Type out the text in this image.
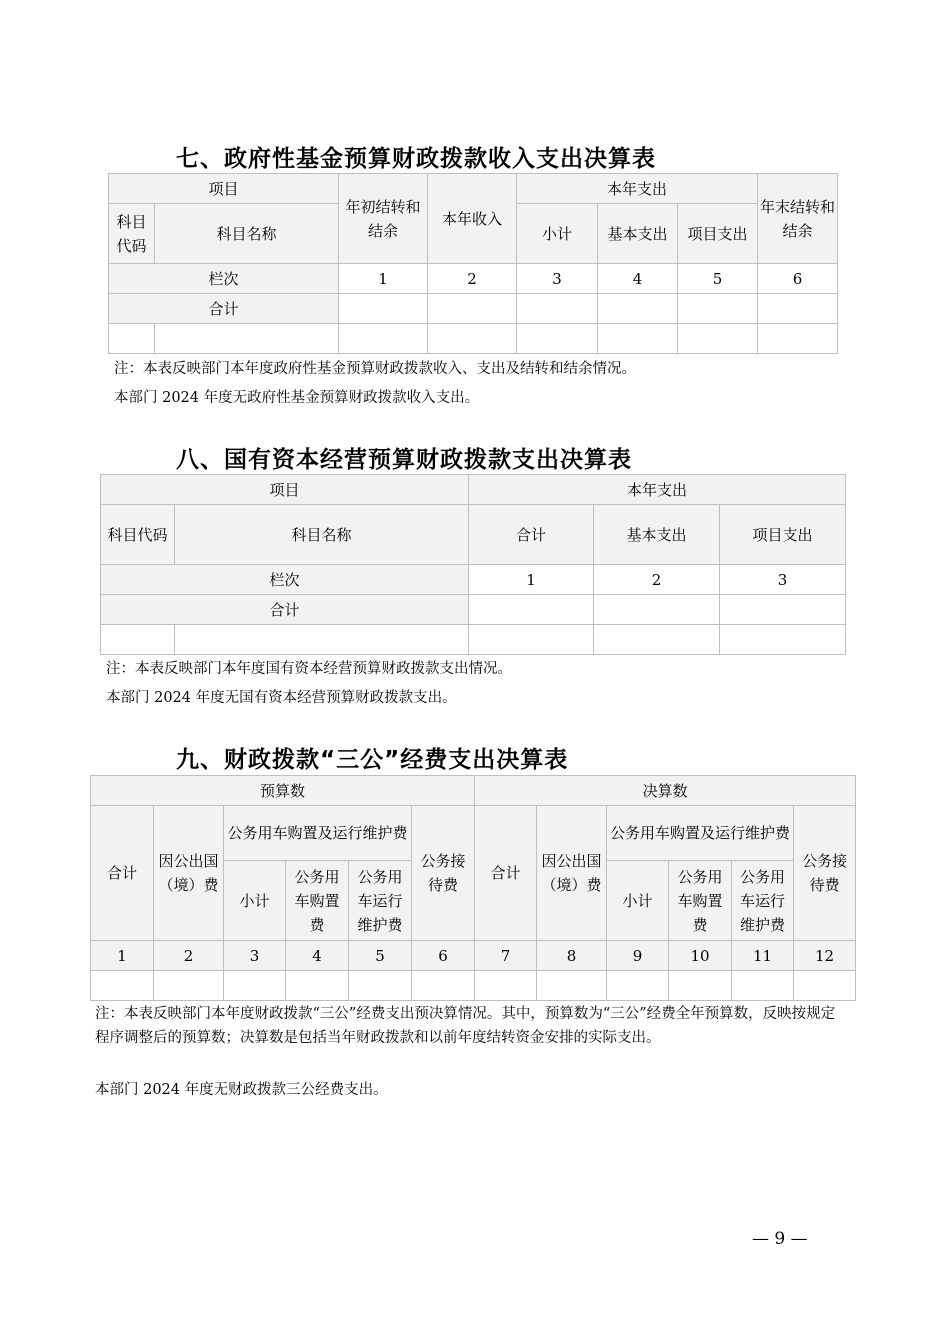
七、政府性基金预算财政拨款收入支出决算表
项目		年初结转和结余	本年收入	本年支出			年末结转和结余
科目代码	科目名称			小计	基本支出	项目支出	
栏次		1	2	3	4	5	6
合计							

注：本表反映部门本年度政府性基金预算财政拨款收入、支出及结转和结余情况。

本部门 2024 年度无政府性基金预算财政拨款收入支出。

八、国有资本经营预算财政拨款支出决算表
项目		本年支出		
科目代码	科目名称	合计	基本支出	项目支出
栏次		1	2	3
合计				

注：本表反映部门本年度国有资本经营预算财政拨款支出情况。

本部门 2024 年度无国有资本经营预算财政拨款支出。

九、财政拨款“三公”经费支出决算表
预算数						决算数					
合计	因公出国（境）费	公务用车购置及运行维护费			公务接待费	合计	因公出国（境）费	公务用车购置及运行维护费			公务接待费
		小计	公务用车购置费	公务用车运行维护费				小计	公务用车购置费	公务用车运行维护费	
1	2	3	4	5	6	7	8	9	10	11	12

注：本表反映部门本年度财政拨款“三公”经费支出预决算情况。其中，预算数为“三公”经费全年预算数，反映按规定程序调整后的预算数；决算数是包括当年财政拨款和以前年度结转资金安排的实际支出。

本部门 2024 年度无财政拨款三公经费支出。

— 9 —
